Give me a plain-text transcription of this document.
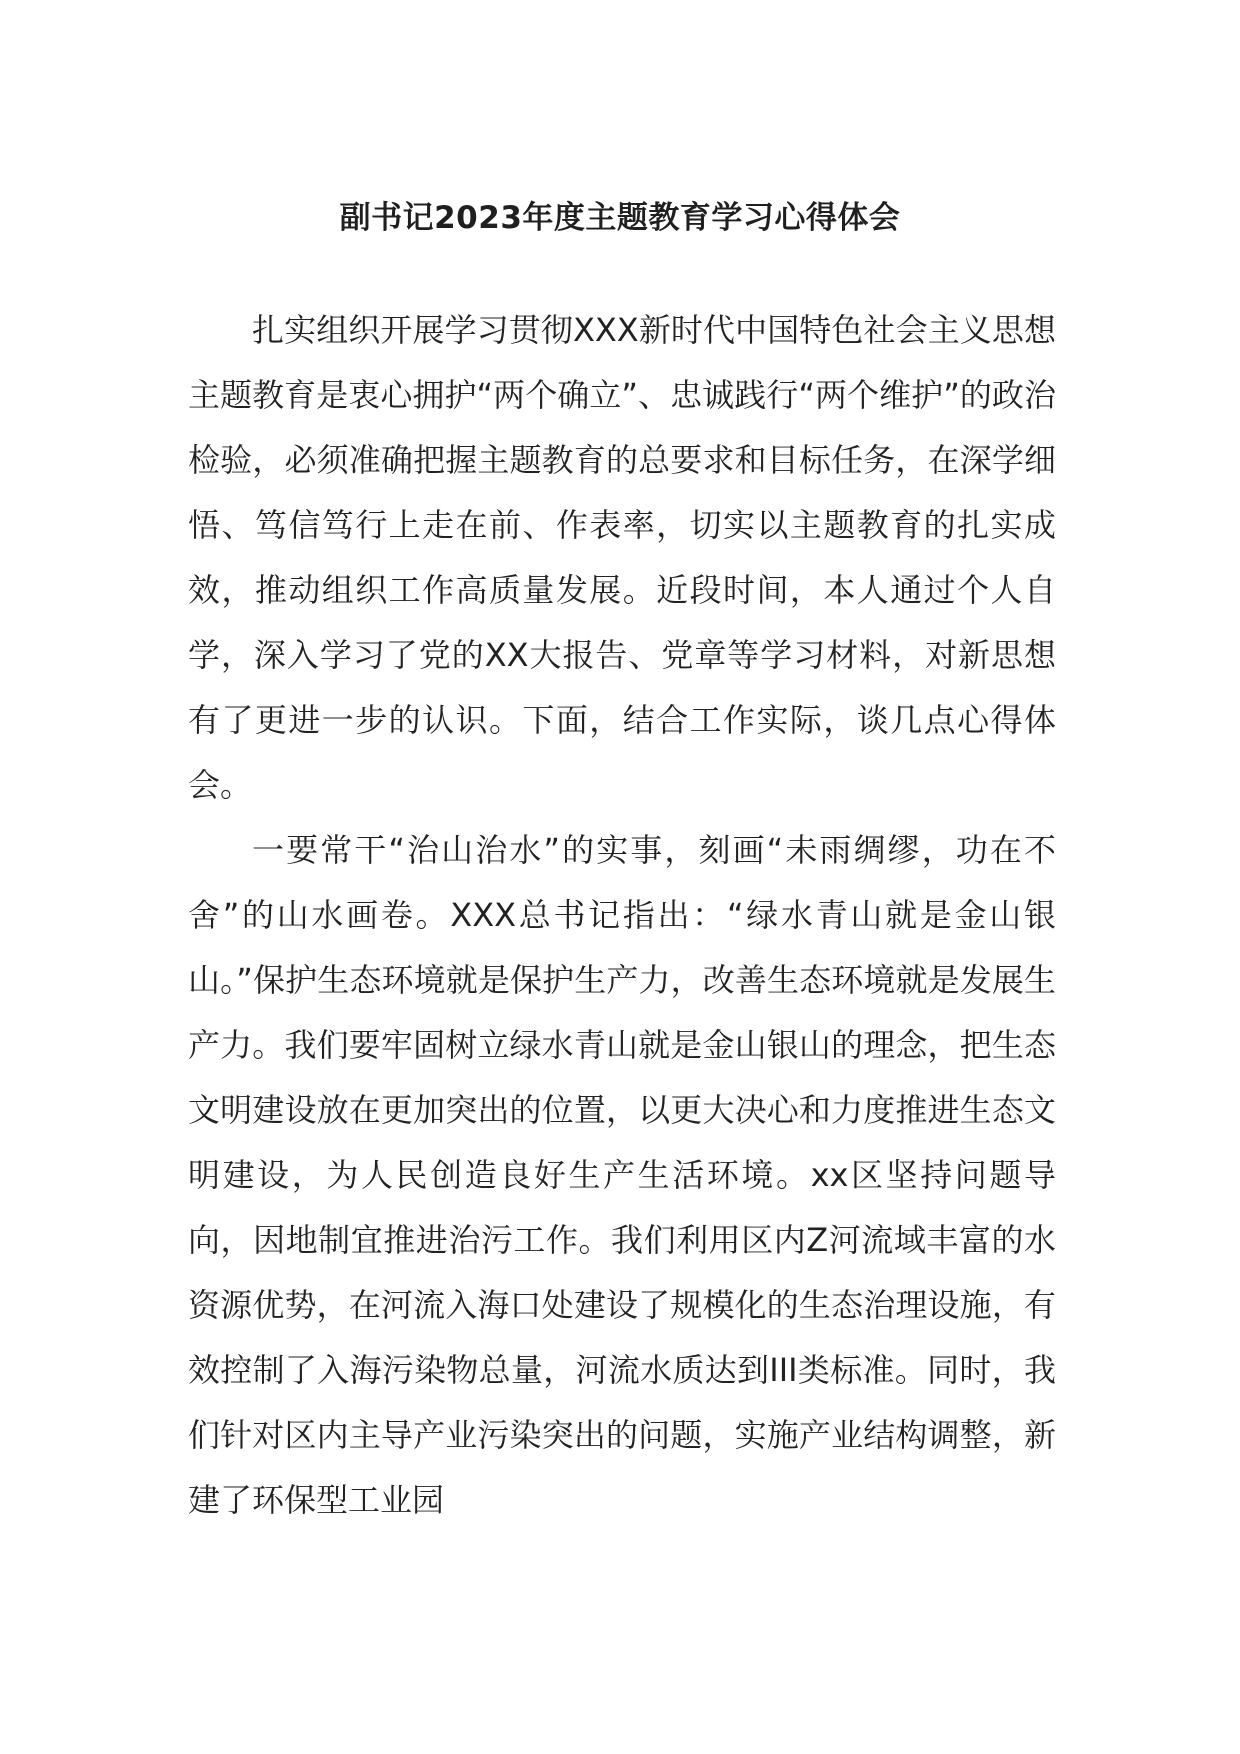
副书记2023年度主题教育学习心得体会

扎实组织开展学习贯彻XXX新时代中国特色社会主义思想主题教育是衷心拥护“两个确立”、忠诚践行“两个维护”的政治检验，必须准确把握主题教育的总要求和目标任务，在深学细悟、笃信笃行上走在前、作表率，切实以主题教育的扎实成效，推动组织工作高质量发展。近段时间，本人通过个人自学，深入学习了党的XX大报告、党章等学习材料，对新思想有了更进一步的认识。下面，结合工作实际，谈几点心得体会。

一要常干“治山治水”的实事，刻画“未雨绸缪，功在不舍”的山水画卷。XXX总书记指出：“绿水青山就是金山银山。”保护生态环境就是保护生产力，改善生态环境就是发展生产力。我们要牢固树立绿水青山就是金山银山的理念，把生态文明建设放在更加突出的位置，以更大决心和力度推进生态文明建设，为人民创造良好生产生活环境。xx区坚持问题导向，因地制宜推进治污工作。我们利用区内Z河流域丰富的水资源优势，在河流入海口处建设了规模化的生态治理设施，有效控制了入海污染物总量，河流水质达到III类标准。同时，我们针对区内主导产业污染突出的问题，实施产业结构调整，新建了环保型工业园
